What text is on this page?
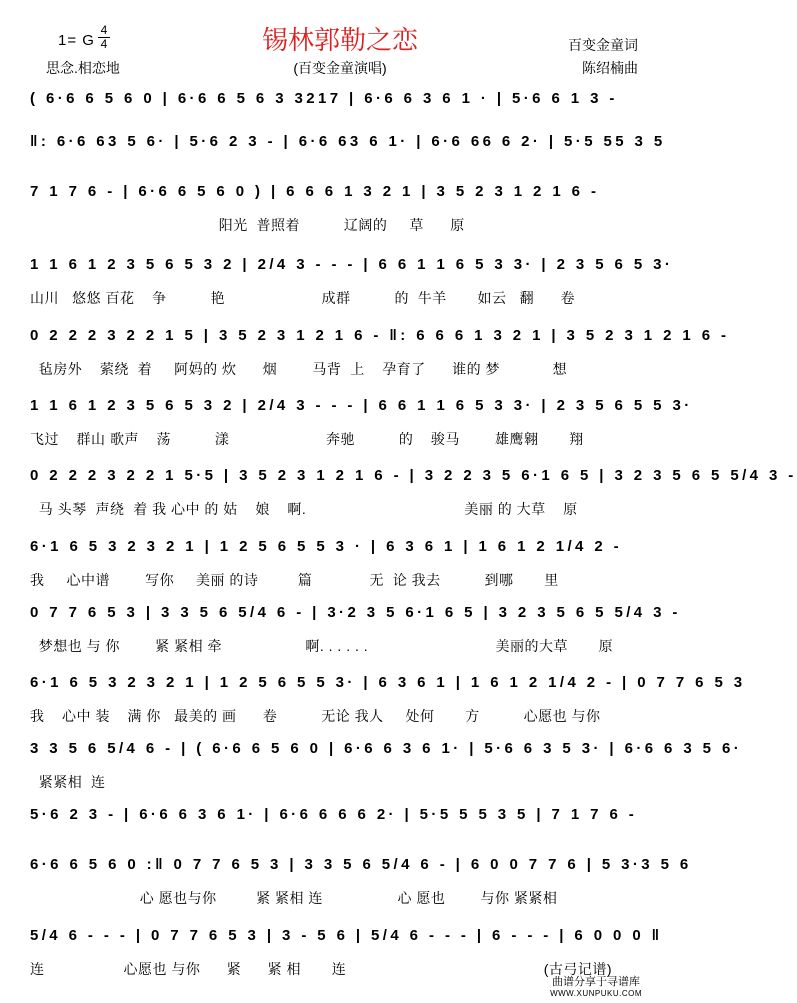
1= G
4
4	锡林郭勒之恋	百变金童词
思念.相恋地	(百变金童演唱)	陈绍楠曲
( 6·6 6 5 6 0 | 6·6 6 5 6 3 3217 | 6·6 6 3 6 1 · | 5·6 6 1 3 -
‖: 6·6 63 5 6· | 5·6 2 3 - | 6·6 63 6 1· | 6·6 66 6 2· | 5·5 55 3 5
7 1 7 6 - | 6·6 6 5 6 0 ) | 6 6 6 1 3 2 1 | 3 5 2 3 1 2 1 6 -
阳光  普照着          辽阔的     草      原
1 1 6 1 2 3 5 6 5 3 2 | 2/4 3 - - - | 6 6 1 1 6 5 3 3· | 2 3 5 6 5 3·
山川   悠悠 百花    争          艳                      成群          的  牛羊       如云   翻      卷
0 2 2 2 3 2 2 1 5 | 3 5 2 3 1 2 1 6 - ‖: 6 6 6 1 3 2 1 | 3 5 2 3 1 2 1 6 -
毡房外    萦绕  着     阿妈的 炊      烟        马背  上    孕育了      谁的 梦            想
1 1 6 1 2 3 5 6 5 3 2 | 2/4 3 - - - | 6 6 1 1 6 5 3 3· | 2 3 5 6 5 5 3·
飞过    群山 歌声    荡          漾                      奔驰          的    骏马        雄鹰翱       翔
0 2 2 2 3 2 2 1 5·5 | 3 5 2 3 1 2 1 6 - | 3 2 2 3 5 6·1 6 5 | 3 2 3 5 6 5 5/4 3 -
马 头琴  声绕  着 我 心中 的 姑    娘    啊.                                    美丽 的 大草    原
6·1 6 5 3 2 3 2 1 | 1 2 5 6 5 5 3 · | 6 3 6 1 | 1 6 1 2 1/4 2 -
我     心中谱        写你     美丽 的诗         篇             无  论 我去          到哪       里
0 7 7 6 5 3 | 3 3 5 6 5/4 6 - | 3·2 3 5 6·1 6 5 | 3 2 3 5 6 5 5/4 3 -
梦想也 与 你        紧 紧相 牵                   啊. . . . . .                             美丽的大草       原
6·1 6 5 3 2 3 2 1 | 1 2 5 6 5 5 3· | 6 3 6 1 | 1 6 1 2 1/4 2 - | 0 7 7 6 5 3
我    心中 装    满 你   最美的 画      卷          无论 我人     处何       方          心愿也 与你
3 3 5 6 5/4 6 - | ( 6·6 6 5 6 0 | 6·6 6 3 6 1· | 5·6 6 3 5 3· | 6·6 6 3 5 6·
紧紧相  连
5·6 2 3 - | 6·6 6 3 6 1· | 6·6 6 6 6 2· | 5·5 5 5 3 5 | 7 1 7 6 -
6·6 6 5 6 0 :‖ 0 7 7 6 5 3 | 3 3 5 6 5/4 6 - | 6 0 0 7 7 6 | 5 3·3 5 6
心 愿也与你         紧 紧相 连                 心 愿也        与你 紧紧相
5/4 6 - - - | 0 7 7 6 5 3 | 3 - 5 6 | 5/4 6 - - - | 6 - - - | 6 0 0 0 ‖
连                  心愿也 与你      紧      紧 相       连                                             (古弓记谱)
曲谱分享于寻谱库
WWW.XUNPUKU.COM
